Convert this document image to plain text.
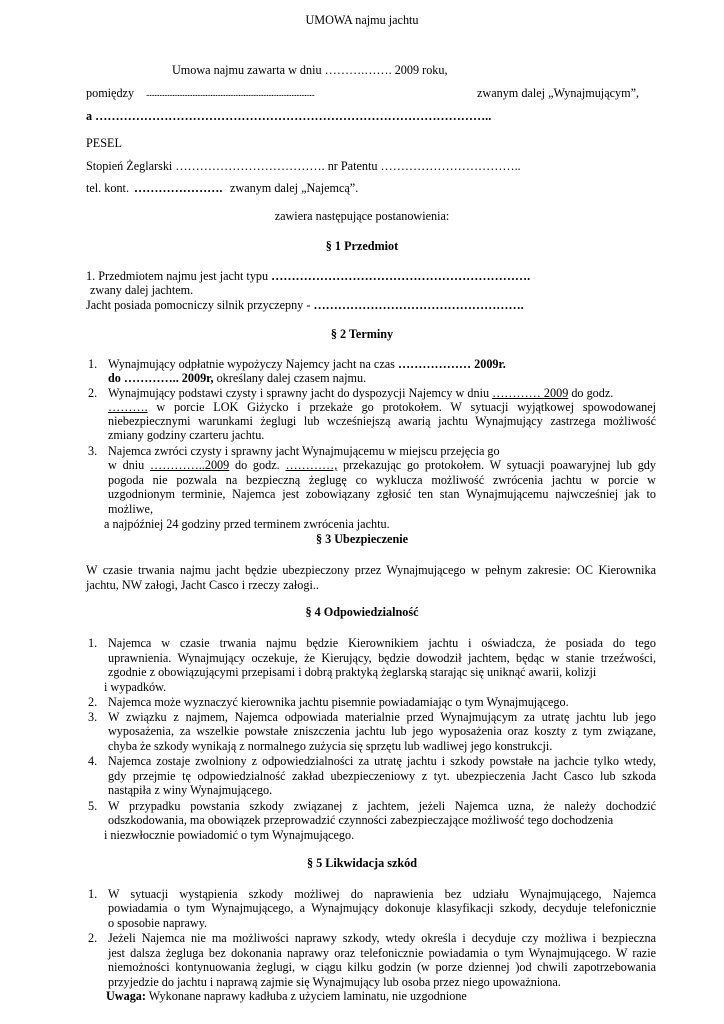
UMOWA najmu jachtu
Umowa najmu zawarta w dniu ……….……. 2009 roku,
pomiędzy ......................................................................................................	zwanym dalej „Wynajmującym”,
a ……………………………………………………………………………………..
PESEL
Stopień Żeglarski ………………………………. nr Patentu ……………………………..
tel. kont. …………………. zwanym dalej „Najemcą”.
zawiera następujące postanowienia:
§ 1 Przedmiot
1. Przedmiotem najmu jest jacht typu ……………………………………………………….
zwany dalej jachtem.
Jacht posiada pomocniczy silnik przyczepny - …………………………………………….
§ 2 Terminy
1. Wynajmujący odpłatnie wypożyczy Najemcy jacht na czas ……………… 2009r.
do ………….. 2009r, określany dalej czasem najmu.
2. Wynajmujący podstawi czysty i sprawny jacht do dyspozycji Najemcy w dniu ………… 2009 do godz.
………. w porcie LOK Giżycko i przekaże go protokołem. W sytuacji wyjątkowej spowodowanej
niebezpiecznymi warunkami żeglugi lub wcześniejszą awarią jachtu Wynajmujący zastrzega możliwość
zmiany godziny czarteru jachtu.
3. Najemca zwróci czysty i sprawny jacht Wynajmującemu w miejscu przejęcia go
w dniu …………..2009 do godz. …………, przekazując go protokołem. W sytuacji poawaryjnej lub gdy
pogoda nie pozwala na bezpieczną żeglugę co wyklucza możliwość zwrócenia jachtu w porcie w
uzgodnionym terminie, Najemca jest zobowiązany zgłosić ten stan Wynajmującemu najwcześniej jak to
możliwe,
a najpóźniej 24 godziny przed terminem zwrócenia jachtu.
§ 3 Ubezpieczenie
W czasie trwania najmu jacht będzie ubezpieczony przez Wynajmującego w pełnym zakresie: OC Kierownika
jachtu, NW załogi, Jacht Casco i rzeczy załogi..
§ 4 Odpowiedzialność
1. Najemca w czasie trwania najmu będzie Kierownikiem jachtu i oświadcza, że posiada do tego
uprawnienia. Wynajmujący oczekuje, że Kierujący, będzie dowodził jachtem, będąc w stanie trzeźwości,
zgodnie z obowiązującymi przepisami i dobrą praktyką żeglarską starając się uniknąć awarii, kolizji
i wypadków.
2. Najemca może wyznaczyć kierownika jachtu pisemnie powiadamiając o tym Wynajmującego.
3. W związku z najmem, Najemca odpowiada materialnie przed Wynajmującym za utratę jachtu lub jego
wyposażenia, za wszelkie powstałe zniszczenia jachtu lub jego wyposażenia oraz koszty z tym związane,
chyba że szkody wynikają z normalnego zużycia się sprzętu lub wadliwej jego konstrukcji.
4. Najemca zostaje zwolniony z odpowiedzialności za utratę jachtu i szkody powstałe na jachcie tylko wtedy,
gdy przejmie tę odpowiedzialność zakład ubezpieczeniowy z tyt. ubezpieczenia Jacht Casco lub szkoda
nastąpiła z winy Wynajmującego.
5. W przypadku powstania szkody związanej z jachtem, jeżeli Najemca uzna, że należy dochodzić
odszkodowania, ma obowiązek przeprowadzić czynności zabezpieczające możliwość tego dochodzenia
i niezwłocznie powiadomić o tym Wynajmującego.
§ 5 Likwidacja szkód
1. W sytuacji wystąpienia szkody możliwej do naprawienia bez udziału Wynajmującego, Najemca
powiadamia o tym Wynajmującego, a Wynajmujący dokonuje klasyfikacji szkody, decyduje telefonicznie
o sposobie naprawy.
2. Jeżeli Najemca nie ma możliwości naprawy szkody, wtedy określa i decyduje czy możliwa i bezpieczna
jest dalsza żegluga bez dokonania naprawy oraz telefonicznie powiadamia o tym Wynajmującego. W razie
niemożności kontynuowania żeglugi, w ciągu kilku godzin (w porze dziennej )od chwili zapotrzebowania
przyjedzie do jachtu i naprawą zajmie się Wynajmujący lub osoba przez niego upoważniona.
Uwaga: Wykonane naprawy kadłuba z użyciem laminatu, nie uzgodnione
